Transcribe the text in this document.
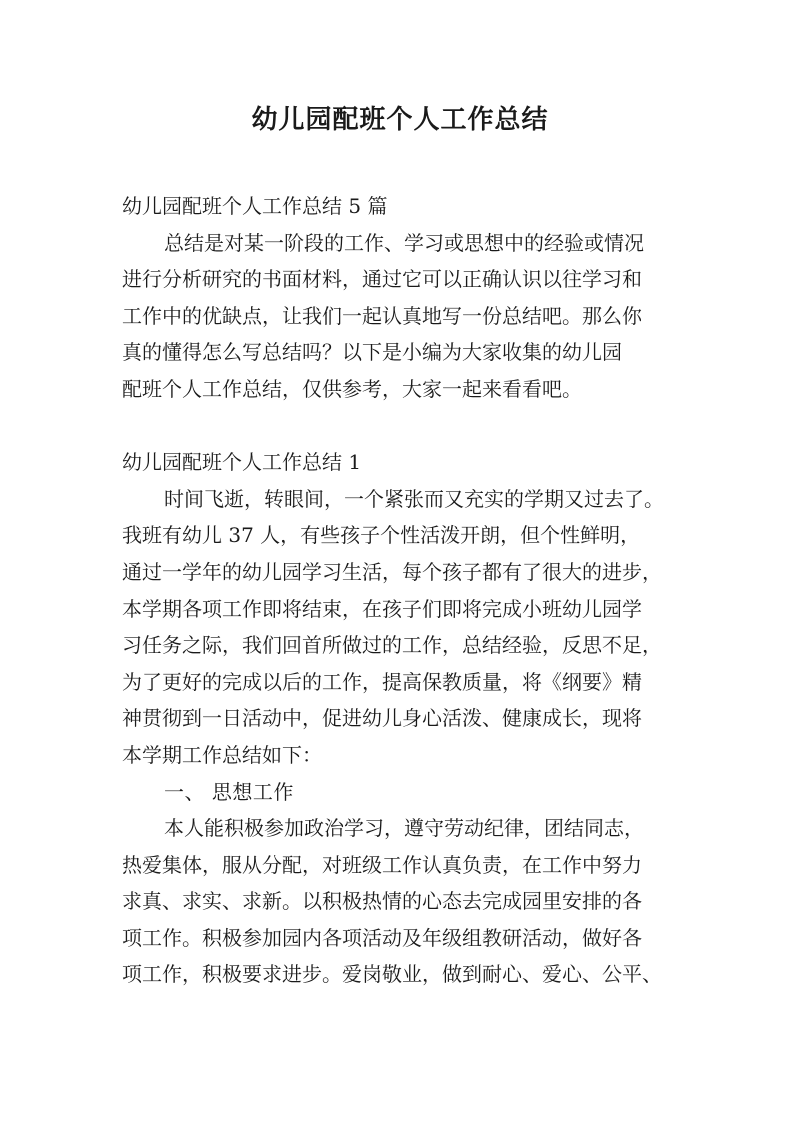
幼儿园配班个人工作总结
幼儿园配班个人工作总结 5 篇
总结是对某一阶段的工作、学习或思想中的经验或情况
进行分析研究的书面材料，通过它可以正确认识以往学习和
工作中的优缺点，让我们一起认真地写一份总结吧。那么你
真的懂得怎么写总结吗？以下是小编为大家收集的幼儿园
配班个人工作总结，仅供参考，大家一起来看看吧。
幼儿园配班个人工作总结 1
时间飞逝，转眼间，一个紧张而又充实的学期又过去了。
我班有幼儿 37 人，有些孩子个性活泼开朗，但个性鲜明，
通过一学年的幼儿园学习生活，每个孩子都有了很大的进步，
本学期各项工作即将结束，在孩子们即将完成小班幼儿园学
习任务之际，我们回首所做过的工作，总结经验，反思不足，
为了更好的完成以后的工作，提高保教质量，将《纲要》精
神贯彻到一日活动中，促进幼儿身心活泼、健康成长，现将
本学期工作总结如下：
一、 思想工作
本人能积极参加政治学习，遵守劳动纪律，团结同志，
热爱集体，服从分配，对班级工作认真负责，在工作中努力
求真、求实、求新。以积极热情的心态去完成园里安排的各
项工作。积极参加园内各项活动及年级组教研活动，做好各
项工作，积极要求进步。爱岗敬业，做到耐心、爱心、公平、
